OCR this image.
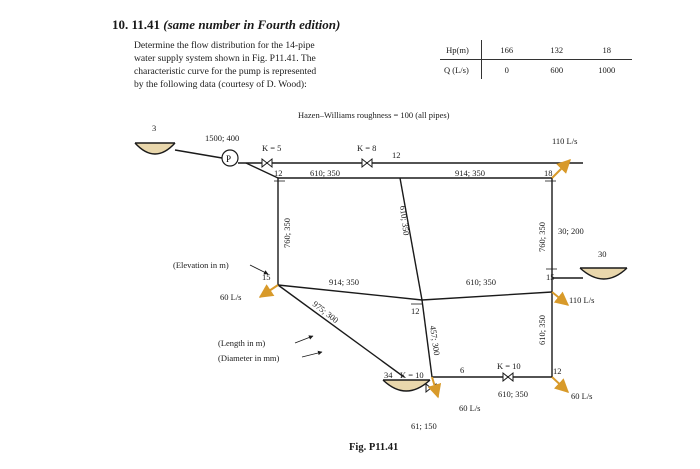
10. 11.41 (same number in Fourth edition)
Determine the flow distribution for the 14-pipe
water supply system shown in Fig. P11.41. The
characteristic curve for the pump is represented
by the following data (courtesy of D. Wood):
Hp(m)	166	132	18
Q (L/s)	0	600	1000
Hazen–Williams roughness = 100 (all pipes)
P
3
1500; 400
K = 5	K = 8
12
12	610; 350	914; 350	18
110 L/s
760; 350	610; 350
760; 350 30; 200
30
(Elevation in m)
15	914; 350	610; 350	15
60 L/s	110 L/s
12
975; 300
457; 300	610; 350
(Length in m)
(Diameter in mm)
34 K = 10	6	K = 10	12
610; 350	60 L/s
60 L/s
61; 150
Fig. P11.41
